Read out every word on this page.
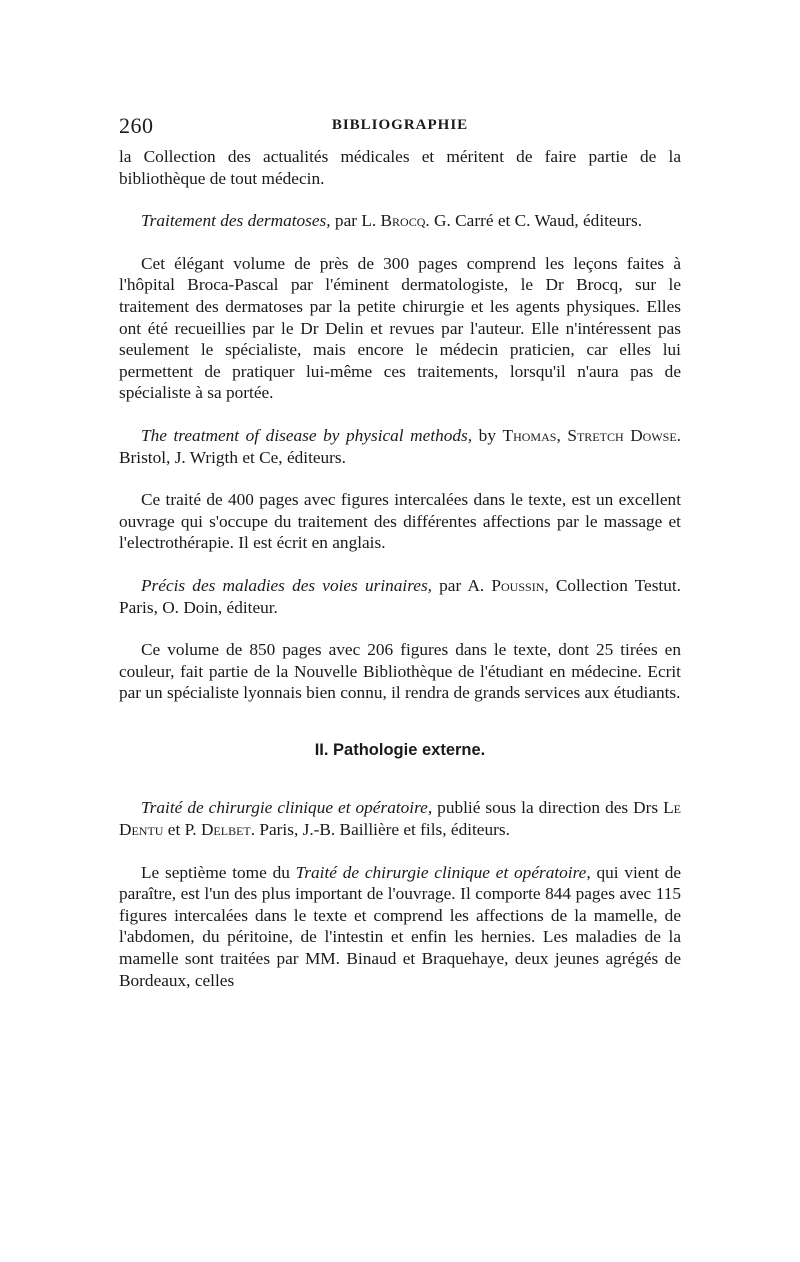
260	BIBLIOGRAPHIE

la Collection des actualités médicales et méritent de faire partie de la bibliothèque de tout médecin.

Traitement des dermatoses, par L. Brocq. G. Carré et C. Waud, éditeurs.

Cet élégant volume de près de 300 pages comprend les leçons faites à l'hôpital Broca-Pascal par l'éminent dermatologiste, le Dr Brocq, sur le traitement des dermatoses par la petite chirurgie et les agents physiques. Elles ont été recueillies par le Dr Delin et revues par l'auteur. Elle n'intéressent pas seulement le spécialiste, mais encore le médecin praticien, car elles lui permettent de pratiquer lui-même ces traitements, lorsqu'il n'aura pas de spécialiste à sa portée.

The treatment of disease by physical methods, by Thomas, Stretch Dowse. Bristol, J. Wrigth et Ce, éditeurs.

Ce traité de 400 pages avec figures intercalées dans le texte, est un excellent ouvrage qui s'occupe du traitement des différentes affections par le massage et l'electrothérapie. Il est écrit en anglais.

Précis des maladies des voies urinaires, par A. Poussin, Collection Testut. Paris, O. Doin, éditeur.

Ce volume de 850 pages avec 206 figures dans le texte, dont 25 tirées en couleur, fait partie de la Nouvelle Bibliothèque de l'étudiant en médecine. Ecrit par un spécialiste lyonnais bien connu, il rendra de grands services aux étudiants.

II. Pathologie externe.

Traité de chirurgie clinique et opératoire, publié sous la direction des Drs Le Dentu et P. Delbet. Paris, J.-B. Baillière et fils, éditeurs.

Le septième tome du Traité de chirurgie clinique et opératoire, qui vient de paraître, est l'un des plus important de l'ouvrage. Il comporte 844 pages avec 115 figures intercalées dans le texte et comprend les affections de la mamelle, de l'abdomen, du péritoine, de l'intestin et enfin les hernies. Les maladies de la mamelle sont traitées par MM. Binaud et Braquehaye, deux jeunes agrégés de Bordeaux, celles
